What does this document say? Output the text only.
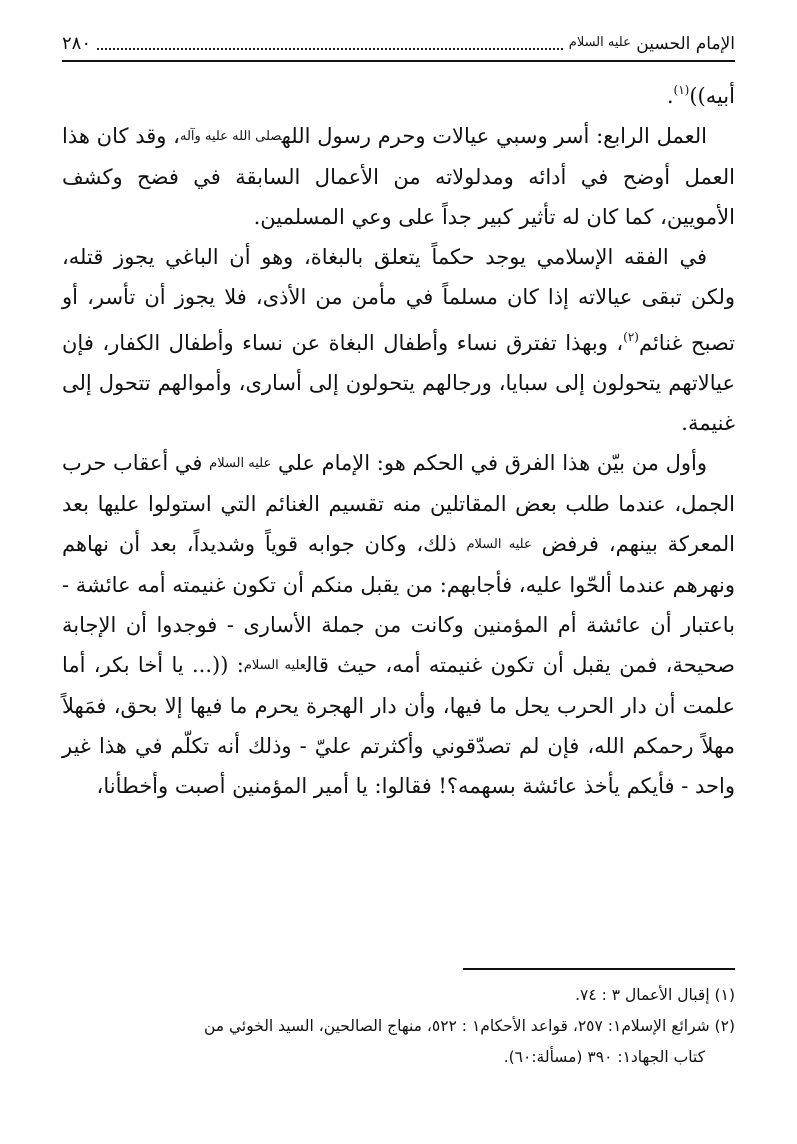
الإمام الحسين عليه السلام
٢٨٠

أبيه))$^{(١)}$.

العمل الرابع: أسر وسبي عيالات وحرم رسول اللهصلى الله عليه وآله، وقد كان هذا العمل أوضح في أدائه ومدلولاته من الأعمال السابقة في فضح وكشف الأمويين، كما كان له تأثير كبير جداً على وعي المسلمين.

في الفقه الإسلامي يوجد حكماً يتعلق بالبغاة، وهو أن الباغي يجوز قتله، ولكن تبقى عيالاته إذا كان مسلماً في مأمن من الأذى، فلا يجوز أن تأسر، أو تصبح غنائم$^{(٢)}$، وبهذا تفترق نساء وأطفال البغاة عن نساء وأطفال الكفار، فإن عيالاتهم يتحولون إلى سبايا، ورجالهم يتحولون إلى أسارى، وأموالهم تتحول إلى غنيمة.

وأول من بيّن هذا الفرق في الحكم هو: الإمام علي عليه السلام في أعقاب حرب الجمل، عندما طلب بعض المقاتلين منه تقسيم الغنائم التي استولوا عليها بعد المعركة بينهم، فرفض عليه السلام ذلك، وكان جوابه قوياً وشديداً، بعد أن نهاهم ونهرهم عندما ألحّوا عليه، فأجابهم: من يقبل منكم أن تكون غنيمته أمه عائشة - باعتبار أن عائشة أم المؤمنين وكانت من جملة الأسارى - فوجدوا أن الإجابة صحيحة، فمن يقبل أن تكون غنيمته أمه، حيث قالعليه السلام: ((... يا أخا بكر، أما علمت أن دار الحرب يحل ما فيها، وأن دار الهجرة يحرم ما فيها إلا بحق، فمَهلاً مهلاً رحمكم الله، فإن لم تصدّقوني وأكثرتم عليّ - وذلك أنه تكلّم في هذا غير واحد - فأيكم يأخذ عائشة بسهمه؟! فقالوا: يا أمير المؤمنين أصبت وأخطأنا،

(١) إقبال الأعمال ٣ : ٧٤.

(٢) شرائع الإسلام١: ٢٥٧، قواعد الأحكام١ : ٥٢٢، منهاج الصالحين، السيد الخوئي من

كتاب الجهاد١: ٣٩٠ (مسألة:٦٠).
